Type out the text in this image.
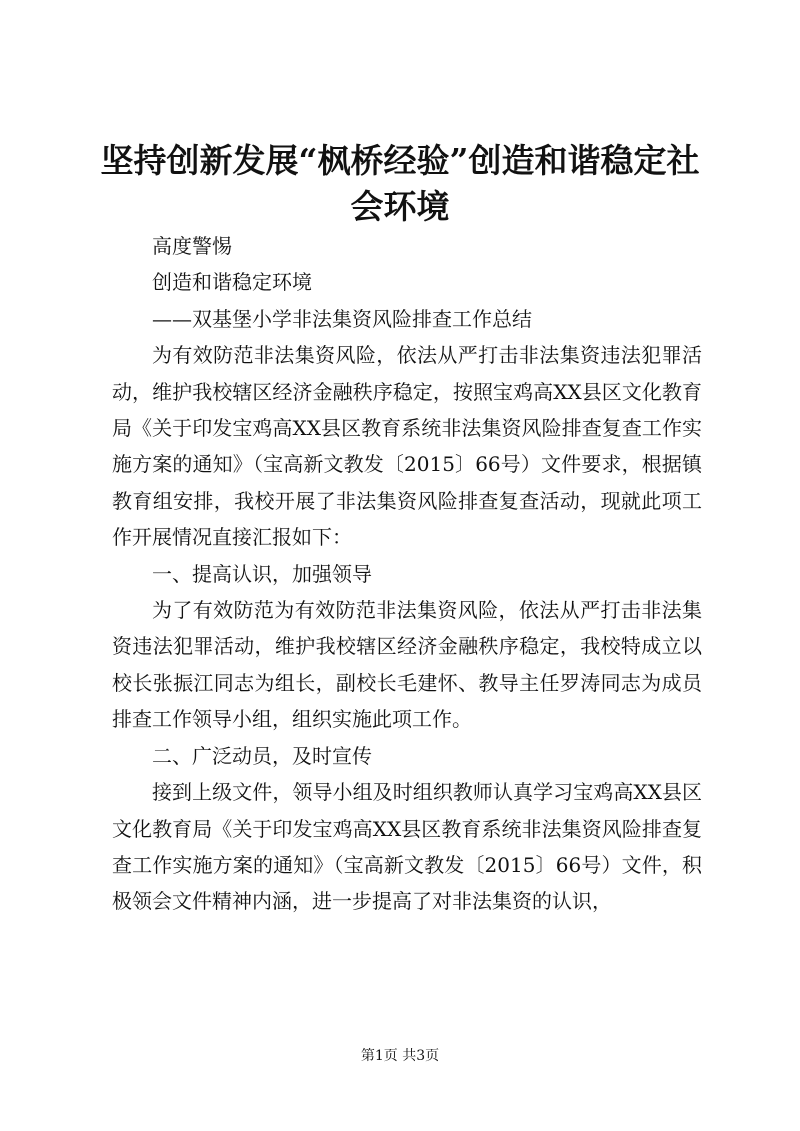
坚持创新发展“枫桥经验”创造和谐稳定社会环境

高度警惕

创造和谐稳定环境

——双基堡小学非法集资风险排查工作总结

为有效防范非法集资风险，依法从严打击非法集资违法犯罪活动，维护我校辖区经济金融秩序稳定，按照宝鸡高XX县区文化教育局《关于印发宝鸡高XX县区教育系统非法集资风险排查复查工作实施方案的通知》（宝高新文教发〔2015〕66号）文件要求，根据镇教育组安排，我校开展了非法集资风险排查复查活动，现就此项工作开展情况直接汇报如下：

一、提高认识，加强领导

为了有效防范为有效防范非法集资风险，依法从严打击非法集资违法犯罪活动，维护我校辖区经济金融秩序稳定，我校特成立以校长张振江同志为组长，副校长毛建怀、教导主任罗涛同志为成员排查工作领导小组，组织实施此项工作。

二、广泛动员，及时宣传

接到上级文件，领导小组及时组织教师认真学习宝鸡高XX县区文化教育局《关于印发宝鸡高XX县区教育系统非法集资风险排查复查工作实施方案的通知》（宝高新文教发〔2015〕66号）文件，积极领会文件精神内涵，进一步提高了对非法集资的认识，

第1页 共3页
